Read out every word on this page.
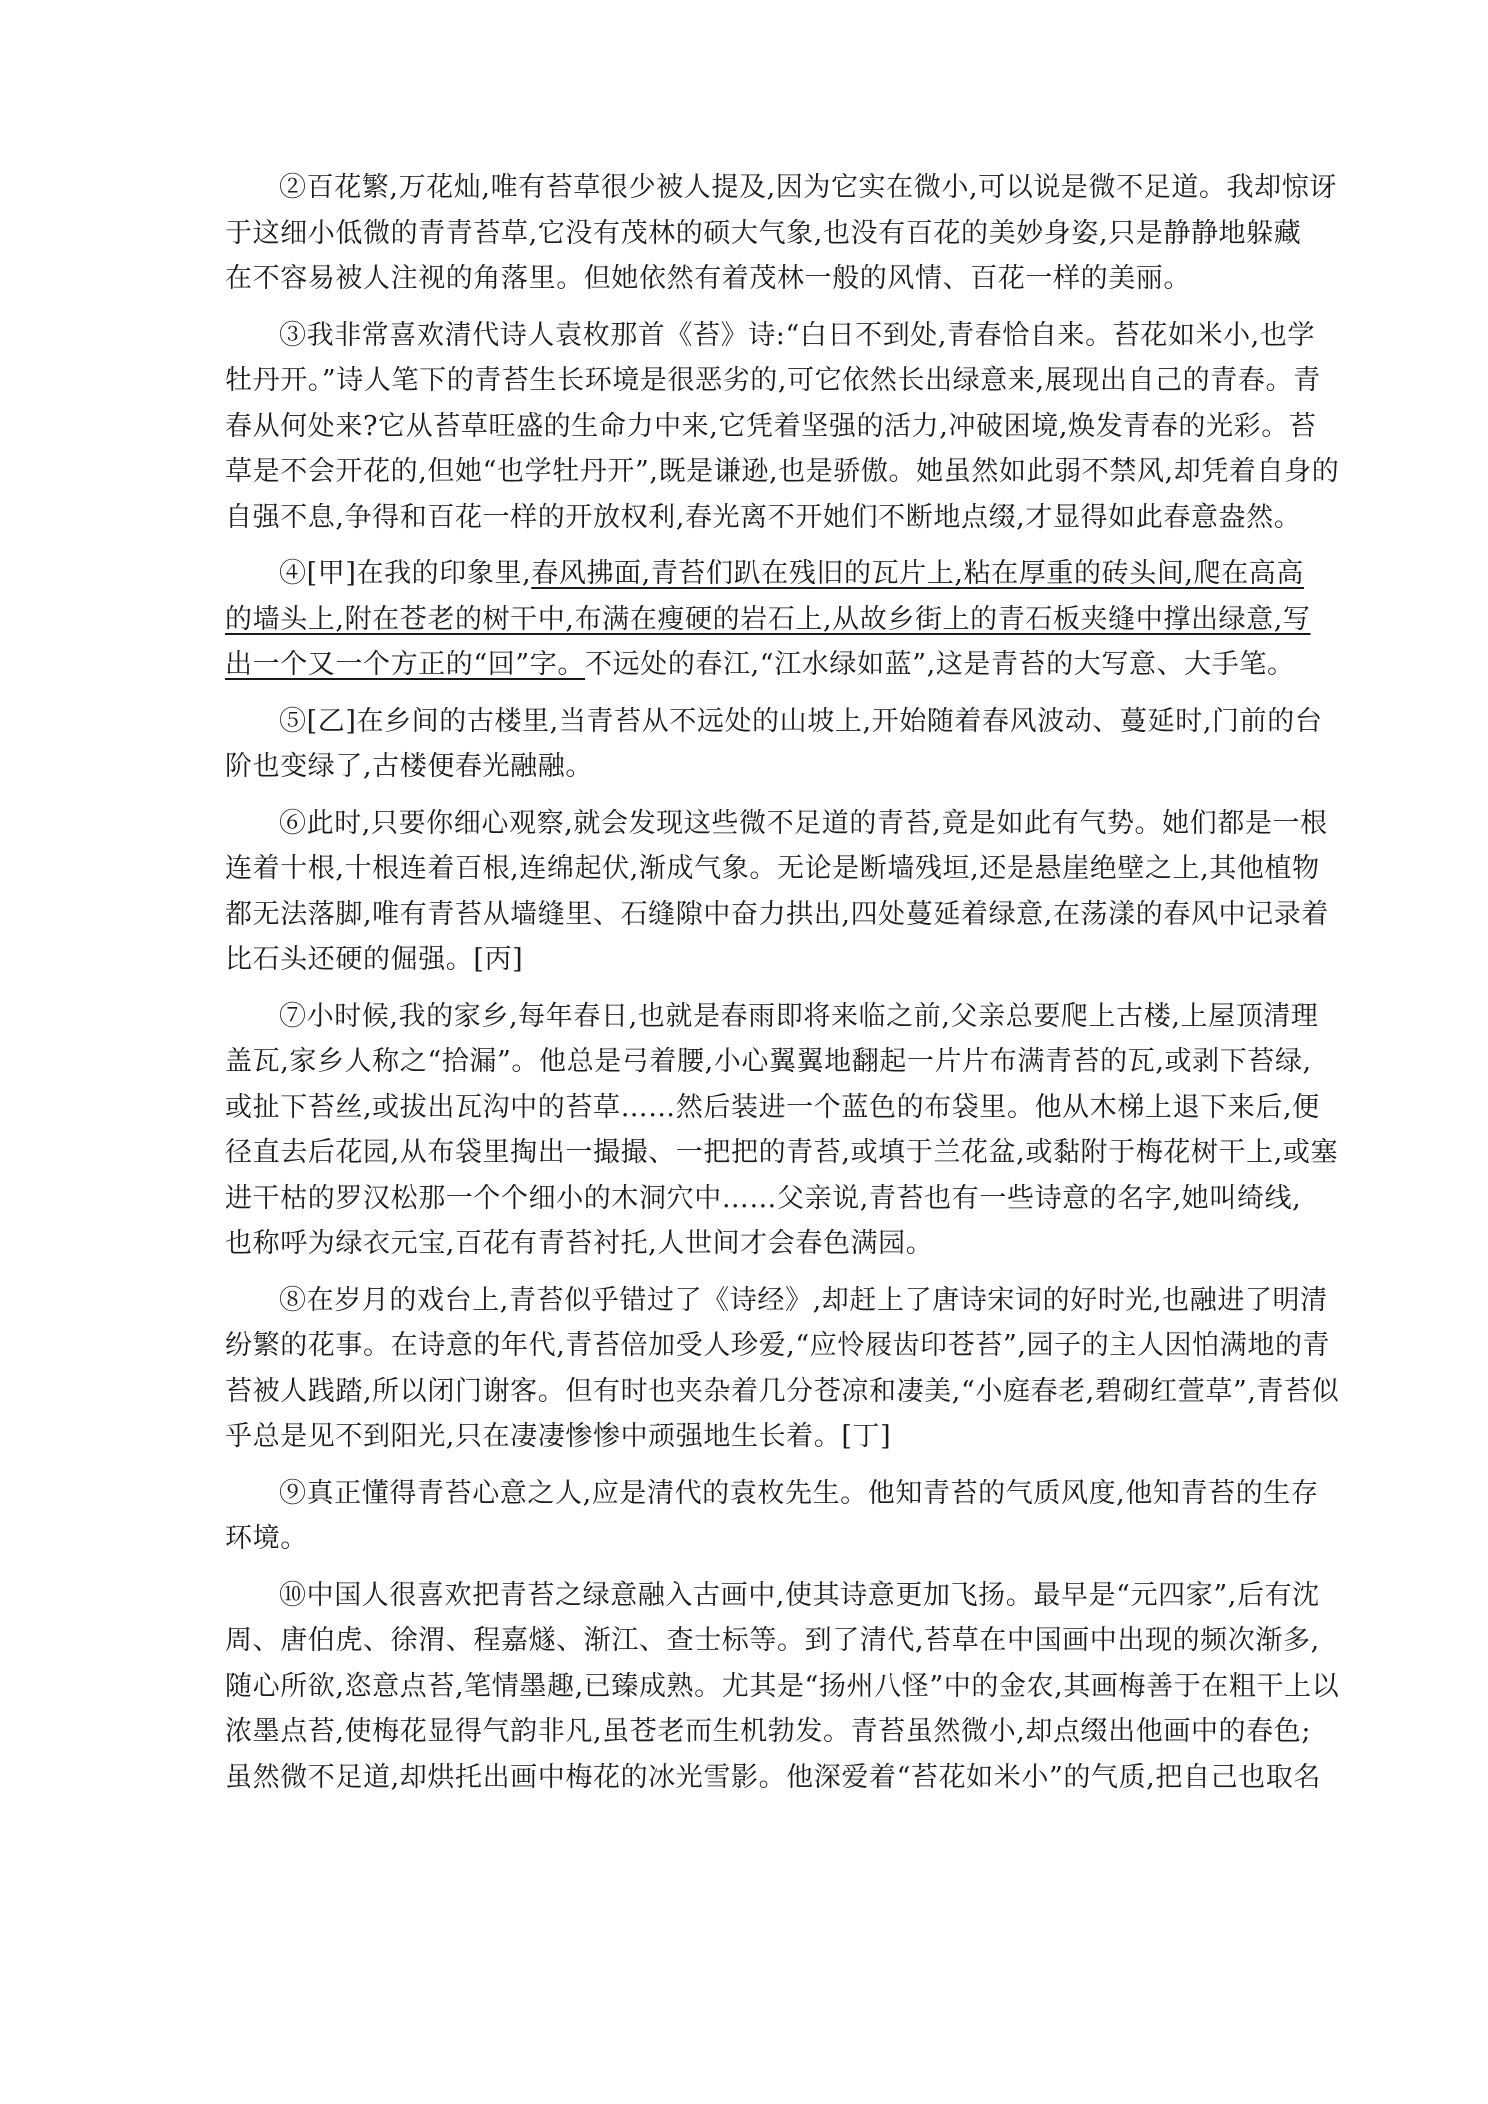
②百花繁,万花灿,唯有苔草很少被人提及,因为它实在微小,可以说是微不足道。我却惊讶
于这细小低微的青青苔草,它没有茂林的硕大气象,也没有百花的美妙身姿,只是静静地躲藏
在不容易被人注视的角落里。但她依然有着茂林一般的风情、百花一样的美丽。
③我非常喜欢清代诗人袁枚那首《苔》诗:“白日不到处,青春恰自来。苔花如米小,也学
牡丹开。”诗人笔下的青苔生长环境是很恶劣的,可它依然长出绿意来,展现出自己的青春。青
春从何处来?它从苔草旺盛的生命力中来,它凭着坚强的活力,冲破困境,焕发青春的光彩。苔
草是不会开花的,但她“也学牡丹开”,既是谦逊,也是骄傲。她虽然如此弱不禁风,却凭着自身的
自强不息,争得和百花一样的开放权利,春光离不开她们不断地点缀,才显得如此春意盎然。
④[甲]在我的印象里,春风拂面,青苔们趴在残旧的瓦片上,粘在厚重的砖头间,爬在高高
的墙头上,附在苍老的树干中,布满在瘦硬的岩石上,从故乡街上的青石板夹缝中撑出绿意,写
出一个又一个方正的“回”字。不远处的春江,“江水绿如蓝”,这是青苔的大写意、大手笔。
⑤[乙]在乡间的古楼里,当青苔从不远处的山坡上,开始随着春风波动、蔓延时,门前的台
阶也变绿了,古楼便春光融融。
⑥此时,只要你细心观察,就会发现这些微不足道的青苔,竟是如此有气势。她们都是一根
连着十根,十根连着百根,连绵起伏,渐成气象。无论是断墙残垣,还是悬崖绝壁之上,其他植物
都无法落脚,唯有青苔从墙缝里、石缝隙中奋力拱出,四处蔓延着绿意,在荡漾的春风中记录着
比石头还硬的倔强。[丙]
⑦小时候,我的家乡,每年春日,也就是春雨即将来临之前,父亲总要爬上古楼,上屋顶清理
盖瓦,家乡人称之“拾漏”。他总是弓着腰,小心翼翼地翻起一片片布满青苔的瓦,或剥下苔绿,
或扯下苔丝,或拔出瓦沟中的苔草……然后装进一个蓝色的布袋里。他从木梯上退下来后,便
径直去后花园,从布袋里掏出一撮撮、一把把的青苔,或填于兰花盆,或黏附于梅花树干上,或塞
进干枯的罗汉松那一个个细小的木洞穴中……父亲说,青苔也有一些诗意的名字,她叫绮线,
也称呼为绿衣元宝,百花有青苔衬托,人世间才会春色满园。
⑧在岁月的戏台上,青苔似乎错过了《诗经》,却赶上了唐诗宋词的好时光,也融进了明清
纷繁的花事。在诗意的年代,青苔倍加受人珍爱,“应怜屐齿印苍苔”,园子的主人因怕满地的青
苔被人践踏,所以闭门谢客。但有时也夹杂着几分苍凉和凄美,“小庭春老,碧砌红萱草”,青苔似
乎总是见不到阳光,只在凄凄惨惨中顽强地生长着。[丁]
⑨真正懂得青苔心意之人,应是清代的袁枚先生。他知青苔的气质风度,他知青苔的生存
环境。
⑩中国人很喜欢把青苔之绿意融入古画中,使其诗意更加飞扬。最早是“元四家”,后有沈
周、唐伯虎、徐渭、程嘉燧、渐江、查士标等。到了清代,苔草在中国画中出现的频次渐多,
随心所欲,恣意点苔,笔情墨趣,已臻成熟。尤其是“扬州八怪”中的金农,其画梅善于在粗干上以
浓墨点苔,使梅花显得气韵非凡,虽苍老而生机勃发。青苔虽然微小,却点缀出他画中的春色;
虽然微不足道,却烘托出画中梅花的冰光雪影。他深爱着“苔花如米小”的气质,把自己也取名
